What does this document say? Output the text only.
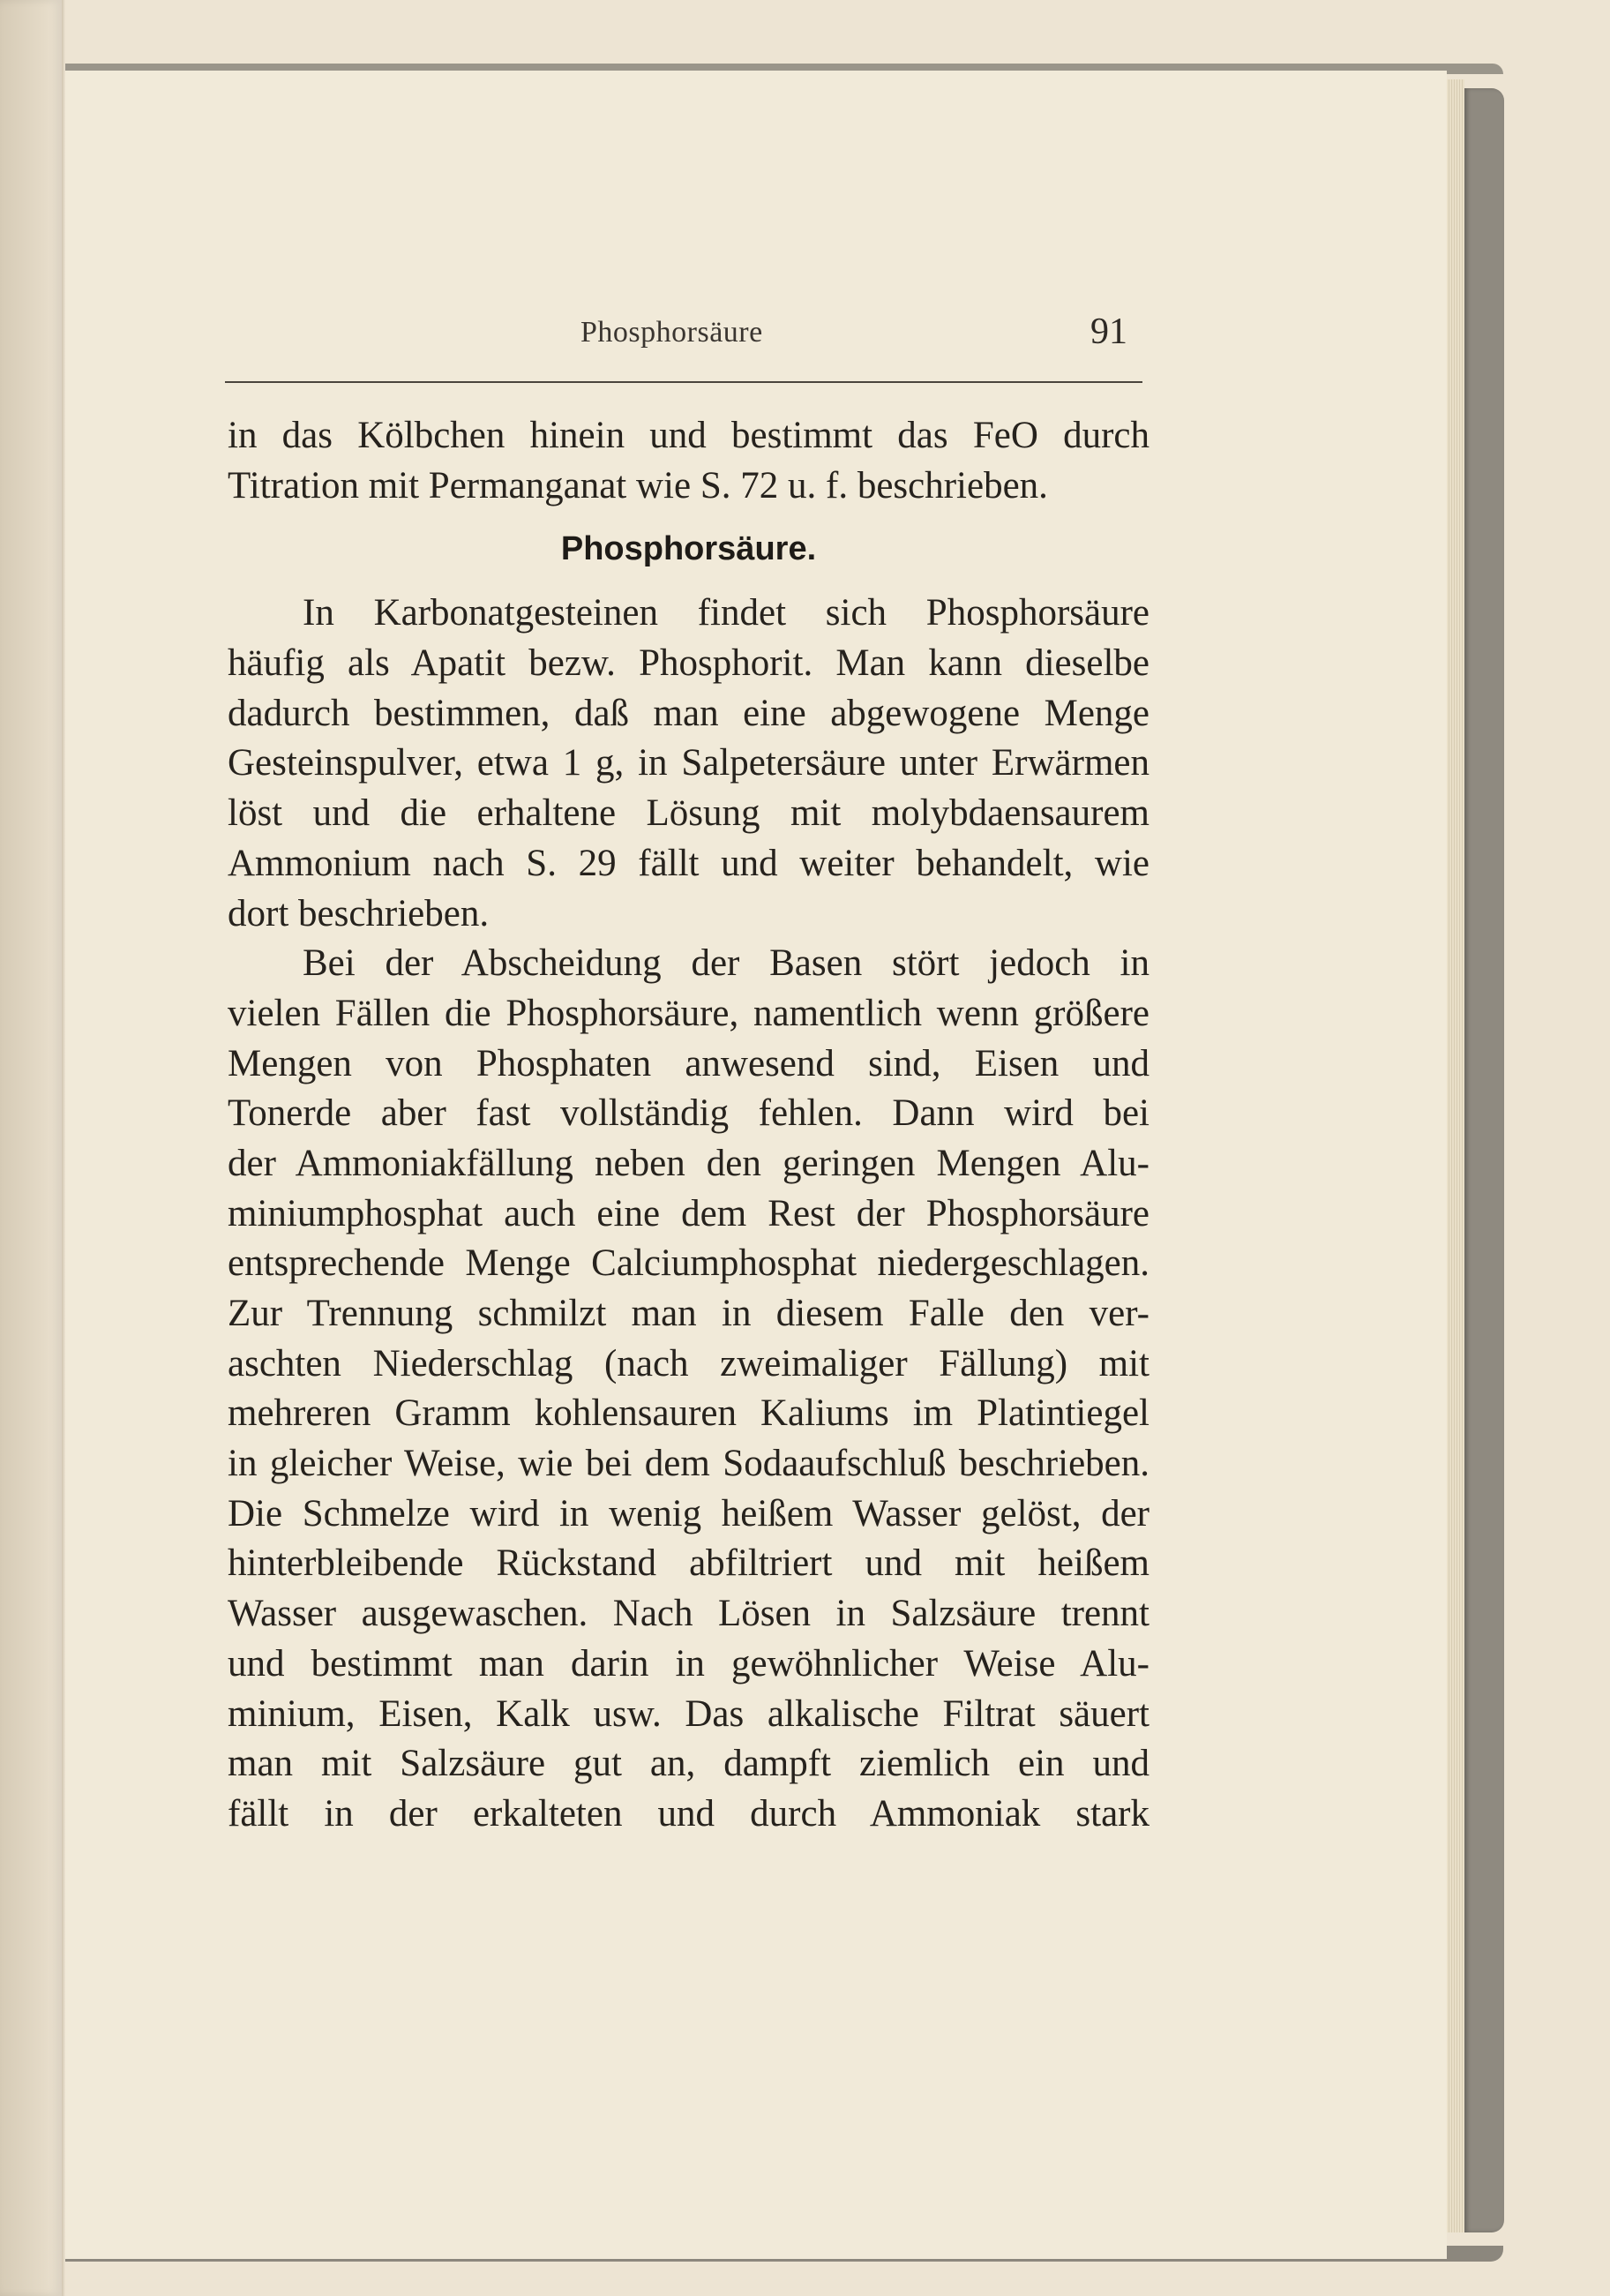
Phosphorsäure	91
in das Kölbchen hinein und bestimmt das FeO durch
Titration mit Permanganat wie S. 72 u. f. beschrieben.
Phosphorsäure.
In Karbonatgesteinen findet sich Phosphorsäure
häufig als Apatit bezw. Phosphorit. Man kann dieselbe
dadurch bestimmen, daß man eine abgewogene Menge
Gesteinspulver, etwa 1 g, in Salpetersäure unter Erwärmen
löst und die erhaltene Lösung mit molybdaensaurem
Ammonium nach S. 29 fällt und weiter behandelt, wie
dort beschrieben.
Bei der Abscheidung der Basen stört jedoch in
vielen Fällen die Phosphorsäure, namentlich wenn größere
Mengen von Phosphaten anwesend sind, Eisen und
Tonerde aber fast vollständig fehlen. Dann wird bei
der Ammoniakfällung neben den geringen Mengen Alu-
miniumphosphat auch eine dem Rest der Phosphorsäure
entsprechende Menge Calciumphosphat niedergeschlagen.
Zur Trennung schmilzt man in diesem Falle den ver-
aschten Niederschlag (nach zweimaliger Fällung) mit
mehreren Gramm kohlensauren Kaliums im Platintiegel
in gleicher Weise, wie bei dem Sodaaufschluß beschrieben.
Die Schmelze wird in wenig heißem Wasser gelöst, der
hinterbleibende Rückstand abfiltriert und mit heißem
Wasser ausgewaschen. Nach Lösen in Salzsäure trennt
und bestimmt man darin in gewöhnlicher Weise Alu-
minium, Eisen, Kalk usw. Das alkalische Filtrat säuert
man mit Salzsäure gut an, dampft ziemlich ein und
fällt in der erkalteten und durch Ammoniak stark
